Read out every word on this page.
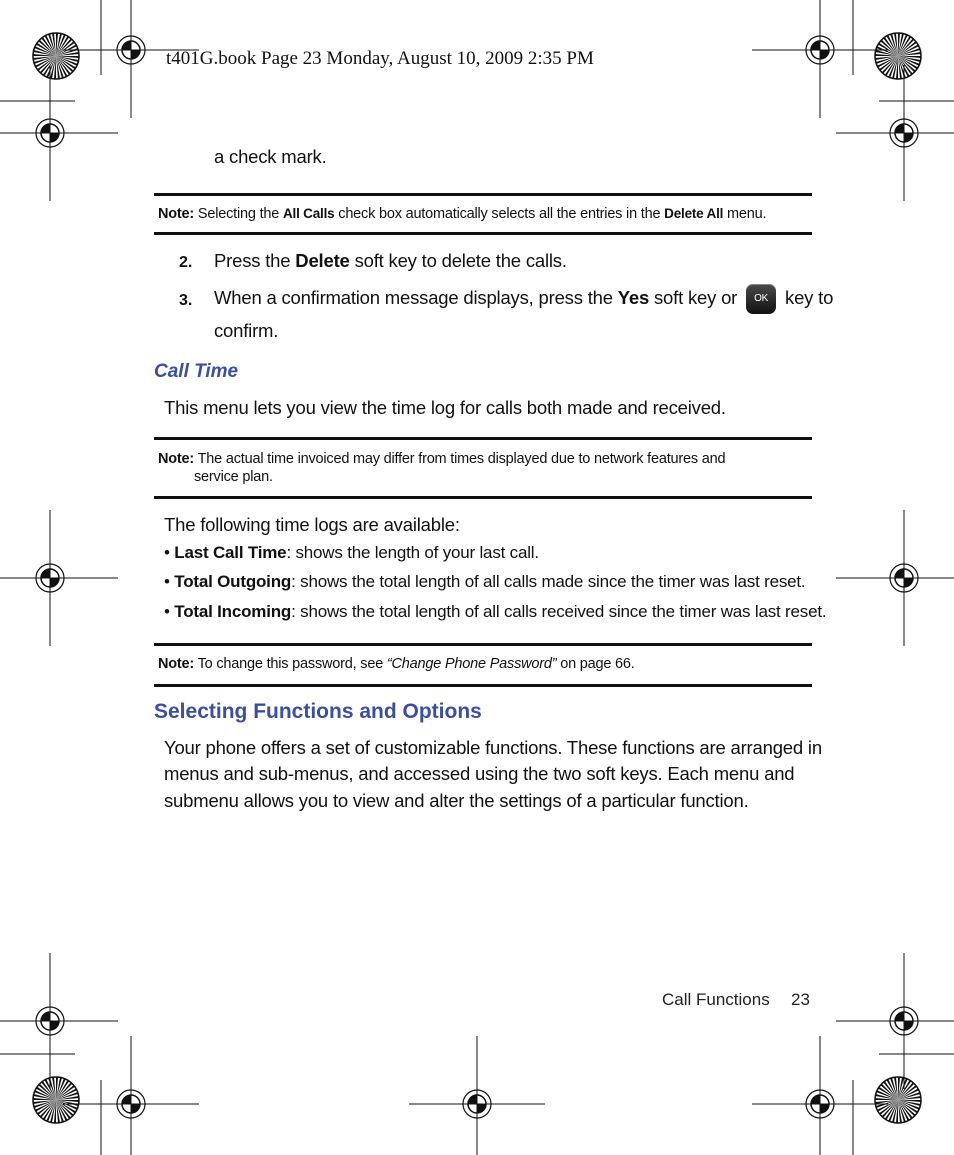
t401G.book Page 23 Monday, August 10, 2009 2:35 PM
a check mark.
Note: Selecting the All Calls check box automatically selects all the entries in the Delete All menu.
2. Press the Delete soft key to delete the calls.
3. When a confirmation message displays, press the Yes soft key or OK key to
confirm.
Call Time
This menu lets you view the time log for calls both made and received.
Note: The actual time invoiced may differ from times displayed due to network features and
service plan.
The following time logs are available:
• Last Call Time: shows the length of your last call.
• Total Outgoing: shows the total length of all calls made since the timer was last reset.
• Total Incoming: shows the total length of all calls received since the timer was last reset.
Note: To change this password, see “Change Phone Password” on page 66.
Selecting Functions and Options
Your phone offers a set of customizable functions. These functions are arranged in
menus and sub-menus, and accessed using the two soft keys. Each menu and
submenu allows you to view and alter the settings of a particular function.
Call Functions 23
